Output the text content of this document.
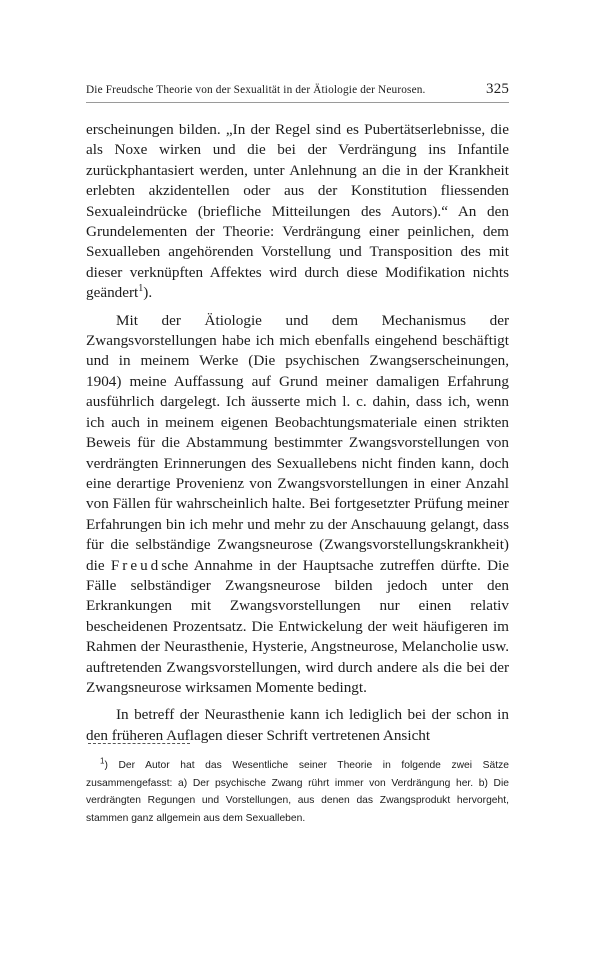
Die Freudsche Theorie von der Sexualität in der Ätiologie der Neurosen.	325

erscheinungen bilden. „In der Regel sind es Pubertätserlebnisse, die als Noxe wirken und die bei der Verdrängung ins Infantile zurückphantasiert werden, unter Anlehnung an die in der Krankheit erlebten akzidentellen oder aus der Konstitution fliessenden Sexualeindrücke (briefliche Mitteilungen des Autors).“ An den Grundelementen der Theorie: Verdrängung einer peinlichen, dem Sexualleben angehörenden Vorstellung und Transposition des mit dieser verknüpften Affektes wird durch diese Modifikation nichts geändert$^1$).

Mit der Ätiologie und dem Mechanismus der Zwangsvorstellungen habe ich mich ebenfalls eingehend beschäftigt und in meinem Werke (Die psychischen Zwangserscheinungen, 1904) meine Auffassung auf Grund meiner damaligen Erfahrung ausführlich dargelegt. Ich äusserte mich l. c. dahin, dass ich, wenn ich auch in meinem eigenen Beobachtungsmateriale einen strikten Beweis für die Abstammung bestimmter Zwangsvorstellungen von verdrängten Erinnerungen des Sexuallebens nicht finden kann, doch eine derartige Provenienz von Zwangsvorstellungen in einer Anzahl von Fällen für wahrscheinlich halte. Bei fortgesetzter Prüfung meiner Erfahrungen bin ich mehr und mehr zu der Anschauung gelangt, dass für die selbständige Zwangsneurose (Zwangsvorstellungskrankheit) die Freudsche Annahme in der Hauptsache zutreffen dürfte. Die Fälle selbständiger Zwangsneurose bilden jedoch unter den Erkrankungen mit Zwangsvorstellungen nur einen relativ bescheidenen Prozentsatz. Die Entwickelung der weit häufigeren im Rahmen der Neurasthenie, Hysterie, Angstneurose, Melancholie usw. auftretenden Zwangsvorstellungen, wird durch andere als die bei der Zwangsneurose wirksamen Momente bedingt.

In betreff der Neurasthenie kann ich lediglich bei der schon in den früheren Auflagen dieser Schrift vertretenen Ansicht

$^1$) Der Autor hat das Wesentliche seiner Theorie in folgende zwei Sätze zusammengefasst: a) Der psychische Zwang rührt immer von Verdrängung her. b) Die verdrängten Regungen und Vorstellungen, aus denen das Zwangsprodukt hervorgeht, stammen ganz allgemein aus dem Sexualleben.
